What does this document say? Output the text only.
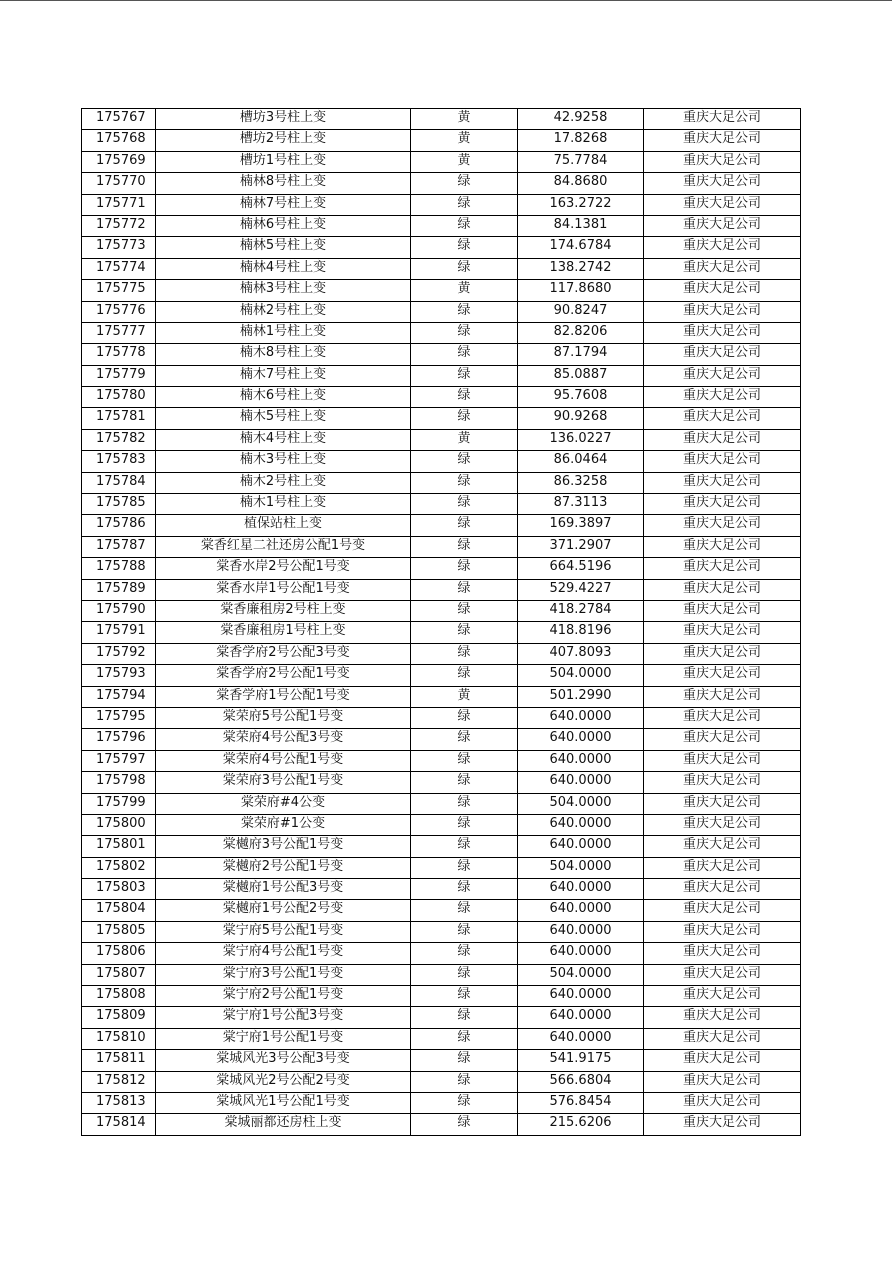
175767	槽坊3号柱上变	黄	42.9258	重庆大足公司
175768	槽坊2号柱上变	黄	17.8268	重庆大足公司
175769	槽坊1号柱上变	黄	75.7784	重庆大足公司
175770	楠林8号柱上变	绿	84.8680	重庆大足公司
175771	楠林7号柱上变	绿	163.2722	重庆大足公司
175772	楠林6号柱上变	绿	84.1381	重庆大足公司
175773	楠林5号柱上变	绿	174.6784	重庆大足公司
175774	楠林4号柱上变	绿	138.2742	重庆大足公司
175775	楠林3号柱上变	黄	117.8680	重庆大足公司
175776	楠林2号柱上变	绿	90.8247	重庆大足公司
175777	楠林1号柱上变	绿	82.8206	重庆大足公司
175778	楠木8号柱上变	绿	87.1794	重庆大足公司
175779	楠木7号柱上变	绿	85.0887	重庆大足公司
175780	楠木6号柱上变	绿	95.7608	重庆大足公司
175781	楠木5号柱上变	绿	90.9268	重庆大足公司
175782	楠木4号柱上变	黄	136.0227	重庆大足公司
175783	楠木3号柱上变	绿	86.0464	重庆大足公司
175784	楠木2号柱上变	绿	86.3258	重庆大足公司
175785	楠木1号柱上变	绿	87.3113	重庆大足公司
175786	植保站柱上变	绿	169.3897	重庆大足公司
175787	棠香红星二社还房公配1号变	绿	371.2907	重庆大足公司
175788	棠香水岸2号公配1号变	绿	664.5196	重庆大足公司
175789	棠香水岸1号公配1号变	绿	529.4227	重庆大足公司
175790	棠香廉租房2号柱上变	绿	418.2784	重庆大足公司
175791	棠香廉租房1号柱上变	绿	418.8196	重庆大足公司
175792	棠香学府2号公配3号变	绿	407.8093	重庆大足公司
175793	棠香学府2号公配1号变	绿	504.0000	重庆大足公司
175794	棠香学府1号公配1号变	黄	501.2990	重庆大足公司
175795	棠荣府5号公配1号变	绿	640.0000	重庆大足公司
175796	棠荣府4号公配3号变	绿	640.0000	重庆大足公司
175797	棠荣府4号公配1号变	绿	640.0000	重庆大足公司
175798	棠荣府3号公配1号变	绿	640.0000	重庆大足公司
175799	棠荣府#4公变	绿	504.0000	重庆大足公司
175800	棠荣府#1公变	绿	640.0000	重庆大足公司
175801	棠樾府3号公配1号变	绿	640.0000	重庆大足公司
175802	棠樾府2号公配1号变	绿	504.0000	重庆大足公司
175803	棠樾府1号公配3号变	绿	640.0000	重庆大足公司
175804	棠樾府1号公配2号变	绿	640.0000	重庆大足公司
175805	棠宁府5号公配1号变	绿	640.0000	重庆大足公司
175806	棠宁府4号公配1号变	绿	640.0000	重庆大足公司
175807	棠宁府3号公配1号变	绿	504.0000	重庆大足公司
175808	棠宁府2号公配1号变	绿	640.0000	重庆大足公司
175809	棠宁府1号公配3号变	绿	640.0000	重庆大足公司
175810	棠宁府1号公配1号变	绿	640.0000	重庆大足公司
175811	棠城风光3号公配3号变	绿	541.9175	重庆大足公司
175812	棠城风光2号公配2号变	绿	566.6804	重庆大足公司
175813	棠城风光1号公配1号变	绿	576.8454	重庆大足公司
175814	棠城丽都还房柱上变	绿	215.6206	重庆大足公司
